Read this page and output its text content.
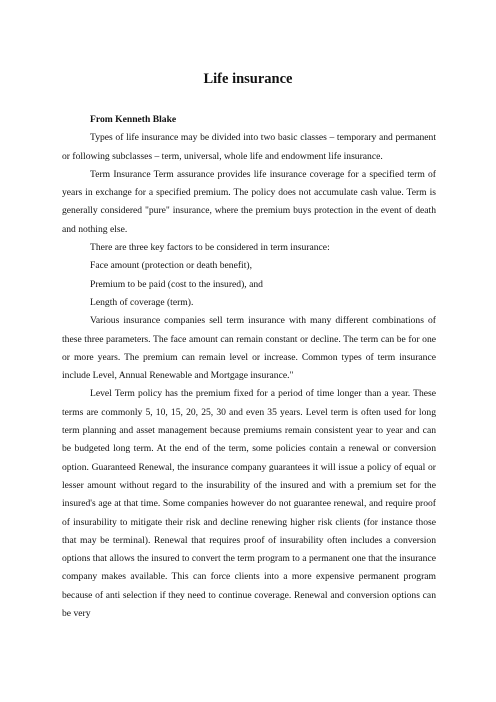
Life insurance

From Kenneth Blake

Types of life insurance may be divided into two basic classes – temporary and permanent or following subclasses – term, universal, whole life and endowment life insurance.

Term Insurance Term assurance provides life insurance coverage for a specified term of years in exchange for a specified premium. The policy does not accumulate cash value. Term is generally considered "pure" insurance, where the premium buys protection in the event of death and nothing else.

There are three key factors to be considered in term insurance:

Face amount (protection or death benefit),

Premium to be paid (cost to the insured), and

Length of coverage (term).

Various insurance companies sell term insurance with many different combinations of these three parameters. The face amount can remain constant or decline. The term can be for one or more years. The premium can remain level or increase. Common types of term insurance include Level, Annual Renewable and Mortgage insurance."

Level Term policy has the premium fixed for a period of time longer than a year. These terms are commonly 5, 10, 15, 20, 25, 30 and even 35 years. Level term is often used for long term planning and asset management because premiums remain consistent year to year and can be budgeted long term. At the end of the term, some policies contain a renewal or conversion option. Guaranteed Renewal, the insurance company guarantees it will issue a policy of equal or lesser amount without regard to the insurability of the insured and with a premium set for the insured's age at that time. Some companies however do not guarantee renewal, and require proof of insurability to mitigate their risk and decline renewing higher risk clients (for instance those that may be terminal). Renewal that requires proof of insurability often includes a conversion options that allows the insured to convert the term program to a permanent one that the insurance company makes available. This can force clients into a more expensive permanent program because of anti selection if they need to continue coverage. Renewal and conversion options can be very
